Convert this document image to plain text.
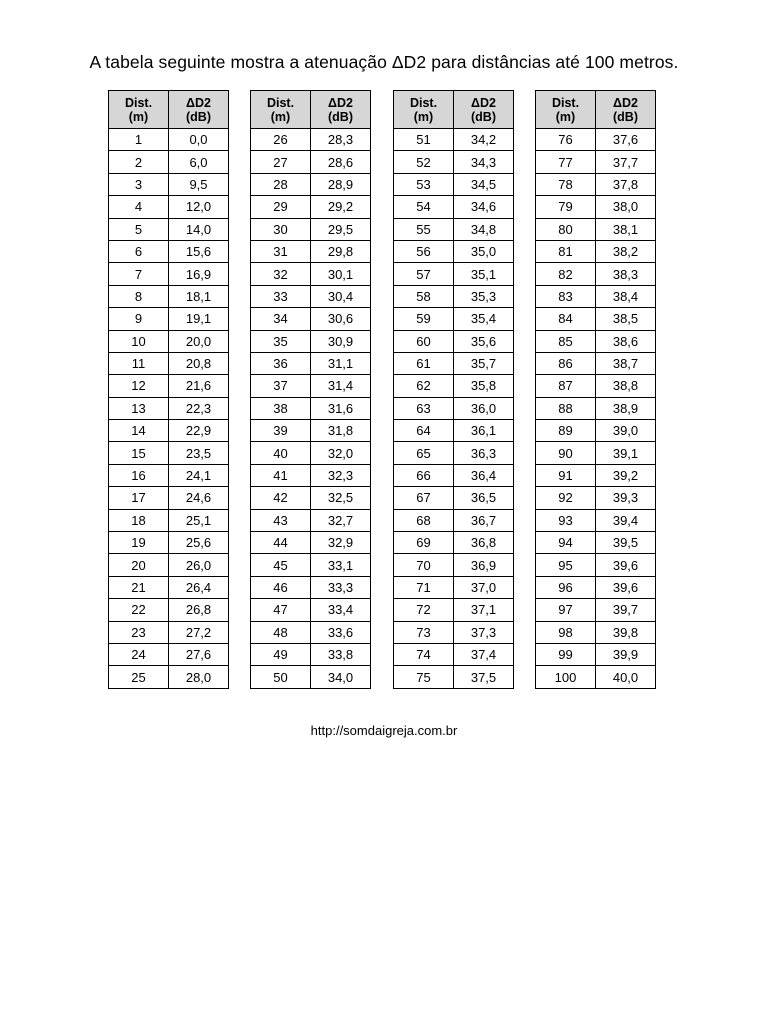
A tabela seguinte mostra a atenuação ΔD2 para distâncias até 100 metros.
Dist.
(m)	ΔD2
(dB)

1	0,0
2	6,0
3	9,5
4	12,0
5	14,0
6	15,6
7	16,9
8	18,1
9	19,1
10	20,0
11	20,8
12	21,6
13	22,3
14	22,9
15	23,5
16	24,1
17	24,6
18	25,1
19	25,6
20	26,0
21	26,4
22	26,8
23	27,2
24	27,6
25	28,0
Dist.
(m)	ΔD2
(dB)

26	28,3
27	28,6
28	28,9
29	29,2
30	29,5
31	29,8
32	30,1
33	30,4
34	30,6
35	30,9
36	31,1
37	31,4
38	31,6
39	31,8
40	32,0
41	32,3
42	32,5
43	32,7
44	32,9
45	33,1
46	33,3
47	33,4
48	33,6
49	33,8
50	34,0
Dist.
(m)	ΔD2
(dB)

51	34,2
52	34,3
53	34,5
54	34,6
55	34,8
56	35,0
57	35,1
58	35,3
59	35,4
60	35,6
61	35,7
62	35,8
63	36,0
64	36,1
65	36,3
66	36,4
67	36,5
68	36,7
69	36,8
70	36,9
71	37,0
72	37,1
73	37,3
74	37,4
75	37,5
Dist.
(m)	ΔD2
(dB)

76	37,6
77	37,7
78	37,8
79	38,0
80	38,1
81	38,2
82	38,3
83	38,4
84	38,5
85	38,6
86	38,7
87	38,8
88	38,9
89	39,0
90	39,1
91	39,2
92	39,3
93	39,4
94	39,5
95	39,6
96	39,6
97	39,7
98	39,8
99	39,9
100	40,0
http://somdaigreja.com.br
